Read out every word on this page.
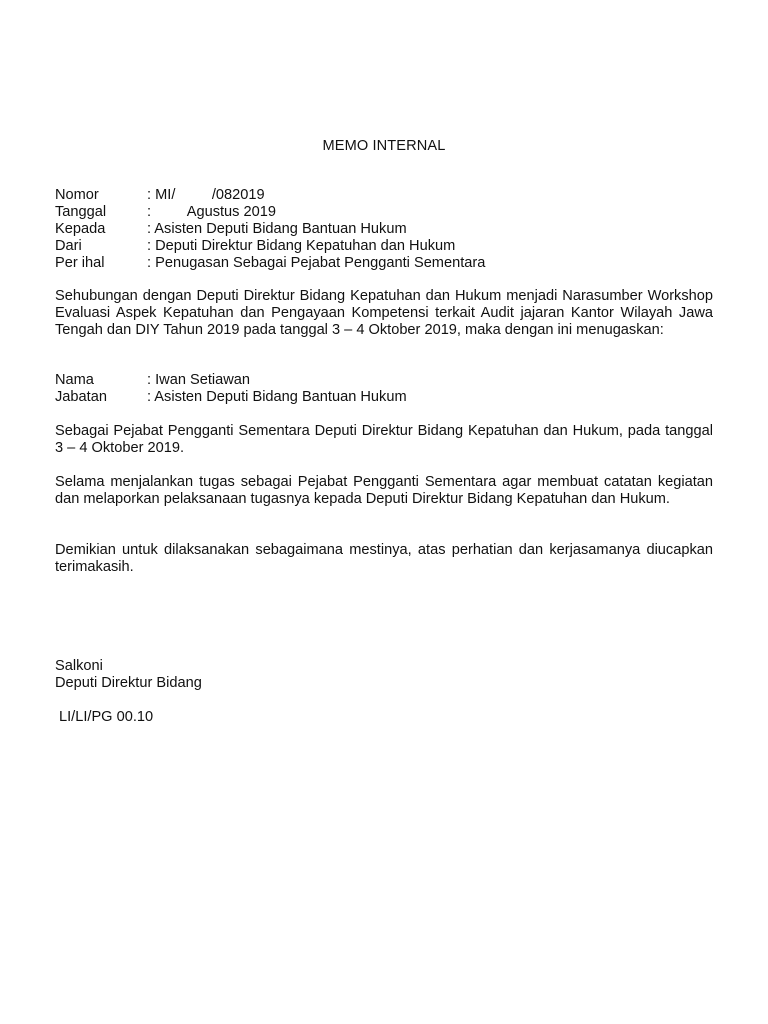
MEMO INTERNAL
Nomor	: MI/         /082019
Tanggal	:         Agustus 2019
Kepada	: Asisten Deputi Bidang Bantuan Hukum
Dari	: Deputi Direktur Bidang Kepatuhan dan Hukum
Per ihal	: Penugasan Sebagai Pejabat Pengganti Sementara
Sehubungan dengan Deputi Direktur Bidang Kepatuhan dan Hukum menjadi Narasumber Workshop Evaluasi Aspek Kepatuhan dan Pengayaan Kompetensi terkait Audit jajaran Kantor Wilayah Jawa Tengah dan DIY Tahun 2019 pada tanggal 3 – 4 Oktober 2019, maka dengan ini menugaskan:
Nama	: Iwan Setiawan
Jabatan	: Asisten Deputi Bidang Bantuan Hukum
Sebagai Pejabat Pengganti Sementara Deputi Direktur Bidang Kepatuhan dan Hukum, pada tanggal 3 – 4 Oktober 2019.
Selama menjalankan tugas sebagai Pejabat Pengganti Sementara agar membuat catatan kegiatan dan melaporkan pelaksanaan tugasnya kepada Deputi Direktur Bidang Kepatuhan dan Hukum.
Demikian untuk dilaksanakan sebagaimana mestinya, atas perhatian dan kerjasamanya diucapkan terimakasih.
Salkoni
Deputi Direktur Bidang
LI/LI/PG 00.10
